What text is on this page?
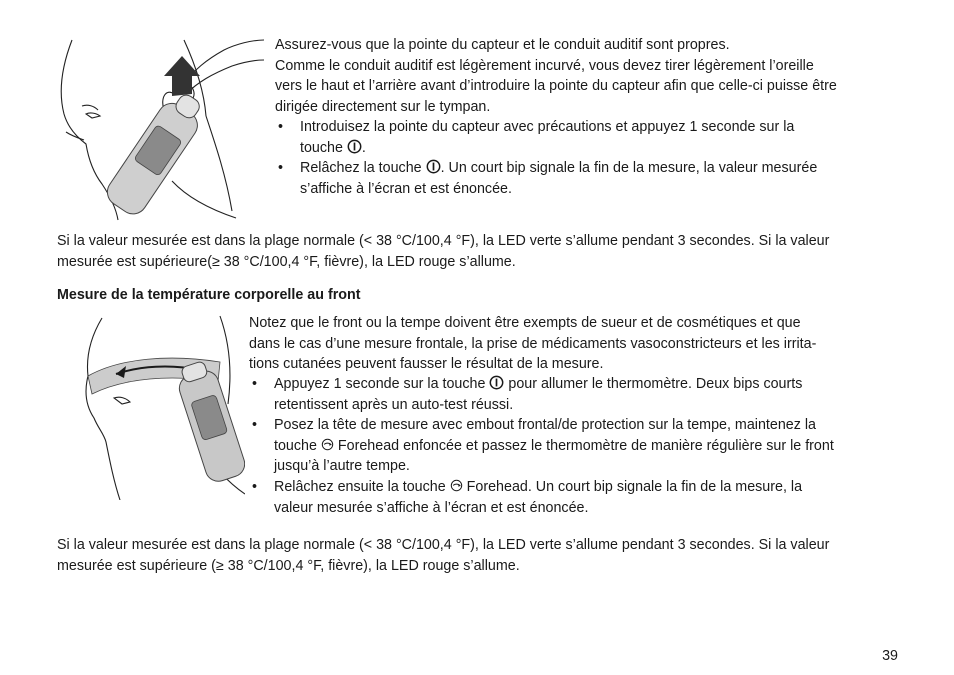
Assurez-vous que la pointe du capteur et le conduit auditif sont propres.
Comme le conduit auditif est légèrement incurvé, vous devez tirer légèrement l’oreille
vers le haut et l’arrière avant d’introduire la pointe du capteur afin que celle-ci puisse être
dirigée directement sur le tympan.
• Introduisez la pointe du capteur avec précautions et appuyez 1 seconde sur la
touche .
• Relâchez la touche . Un court bip signale la fin de la mesure, la valeur mesurée
s’affiche à l’écran et est énoncée.
Si la valeur mesurée est dans la plage normale (< 38 °C/100,4 °F), la LED verte s’allume pendant 3 secondes. Si la valeur
mesurée est supérieure(≥ 38 °C/100,4 °F, fièvre), la LED rouge s’allume.
Mesure de la température corporelle au front
Notez que le front ou la tempe doivent être exempts de sueur et de cosmétiques et que
dans le cas d’une mesure frontale, la prise de médicaments vasoconstricteurs et les irrita-
tions cutanées peuvent fausser le résultat de la mesure.
• Appuyez 1 seconde sur la touche pour allumer le thermomètre. Deux bips courts
retentissent après un auto-test réussi.
• Posez la tête de mesure avec embout frontal/de protection sur la tempe, maintenez la
touche Forehead enfoncée et passez le thermomètre de manière régulière sur le front
jusqu’à l’autre tempe.
• Relâchez ensuite la touche Forehead. Un court bip signale la fin de la mesure, la
valeur mesurée s’affiche à l’écran et est énoncée.
Si la valeur mesurée est dans la plage normale (< 38 °C/100,4 °F), la LED verte s’allume pendant 3 secondes. Si la valeur
mesurée est supérieure (≥ 38 °C/100,4 °F, fièvre), la LED rouge s’allume.
39
